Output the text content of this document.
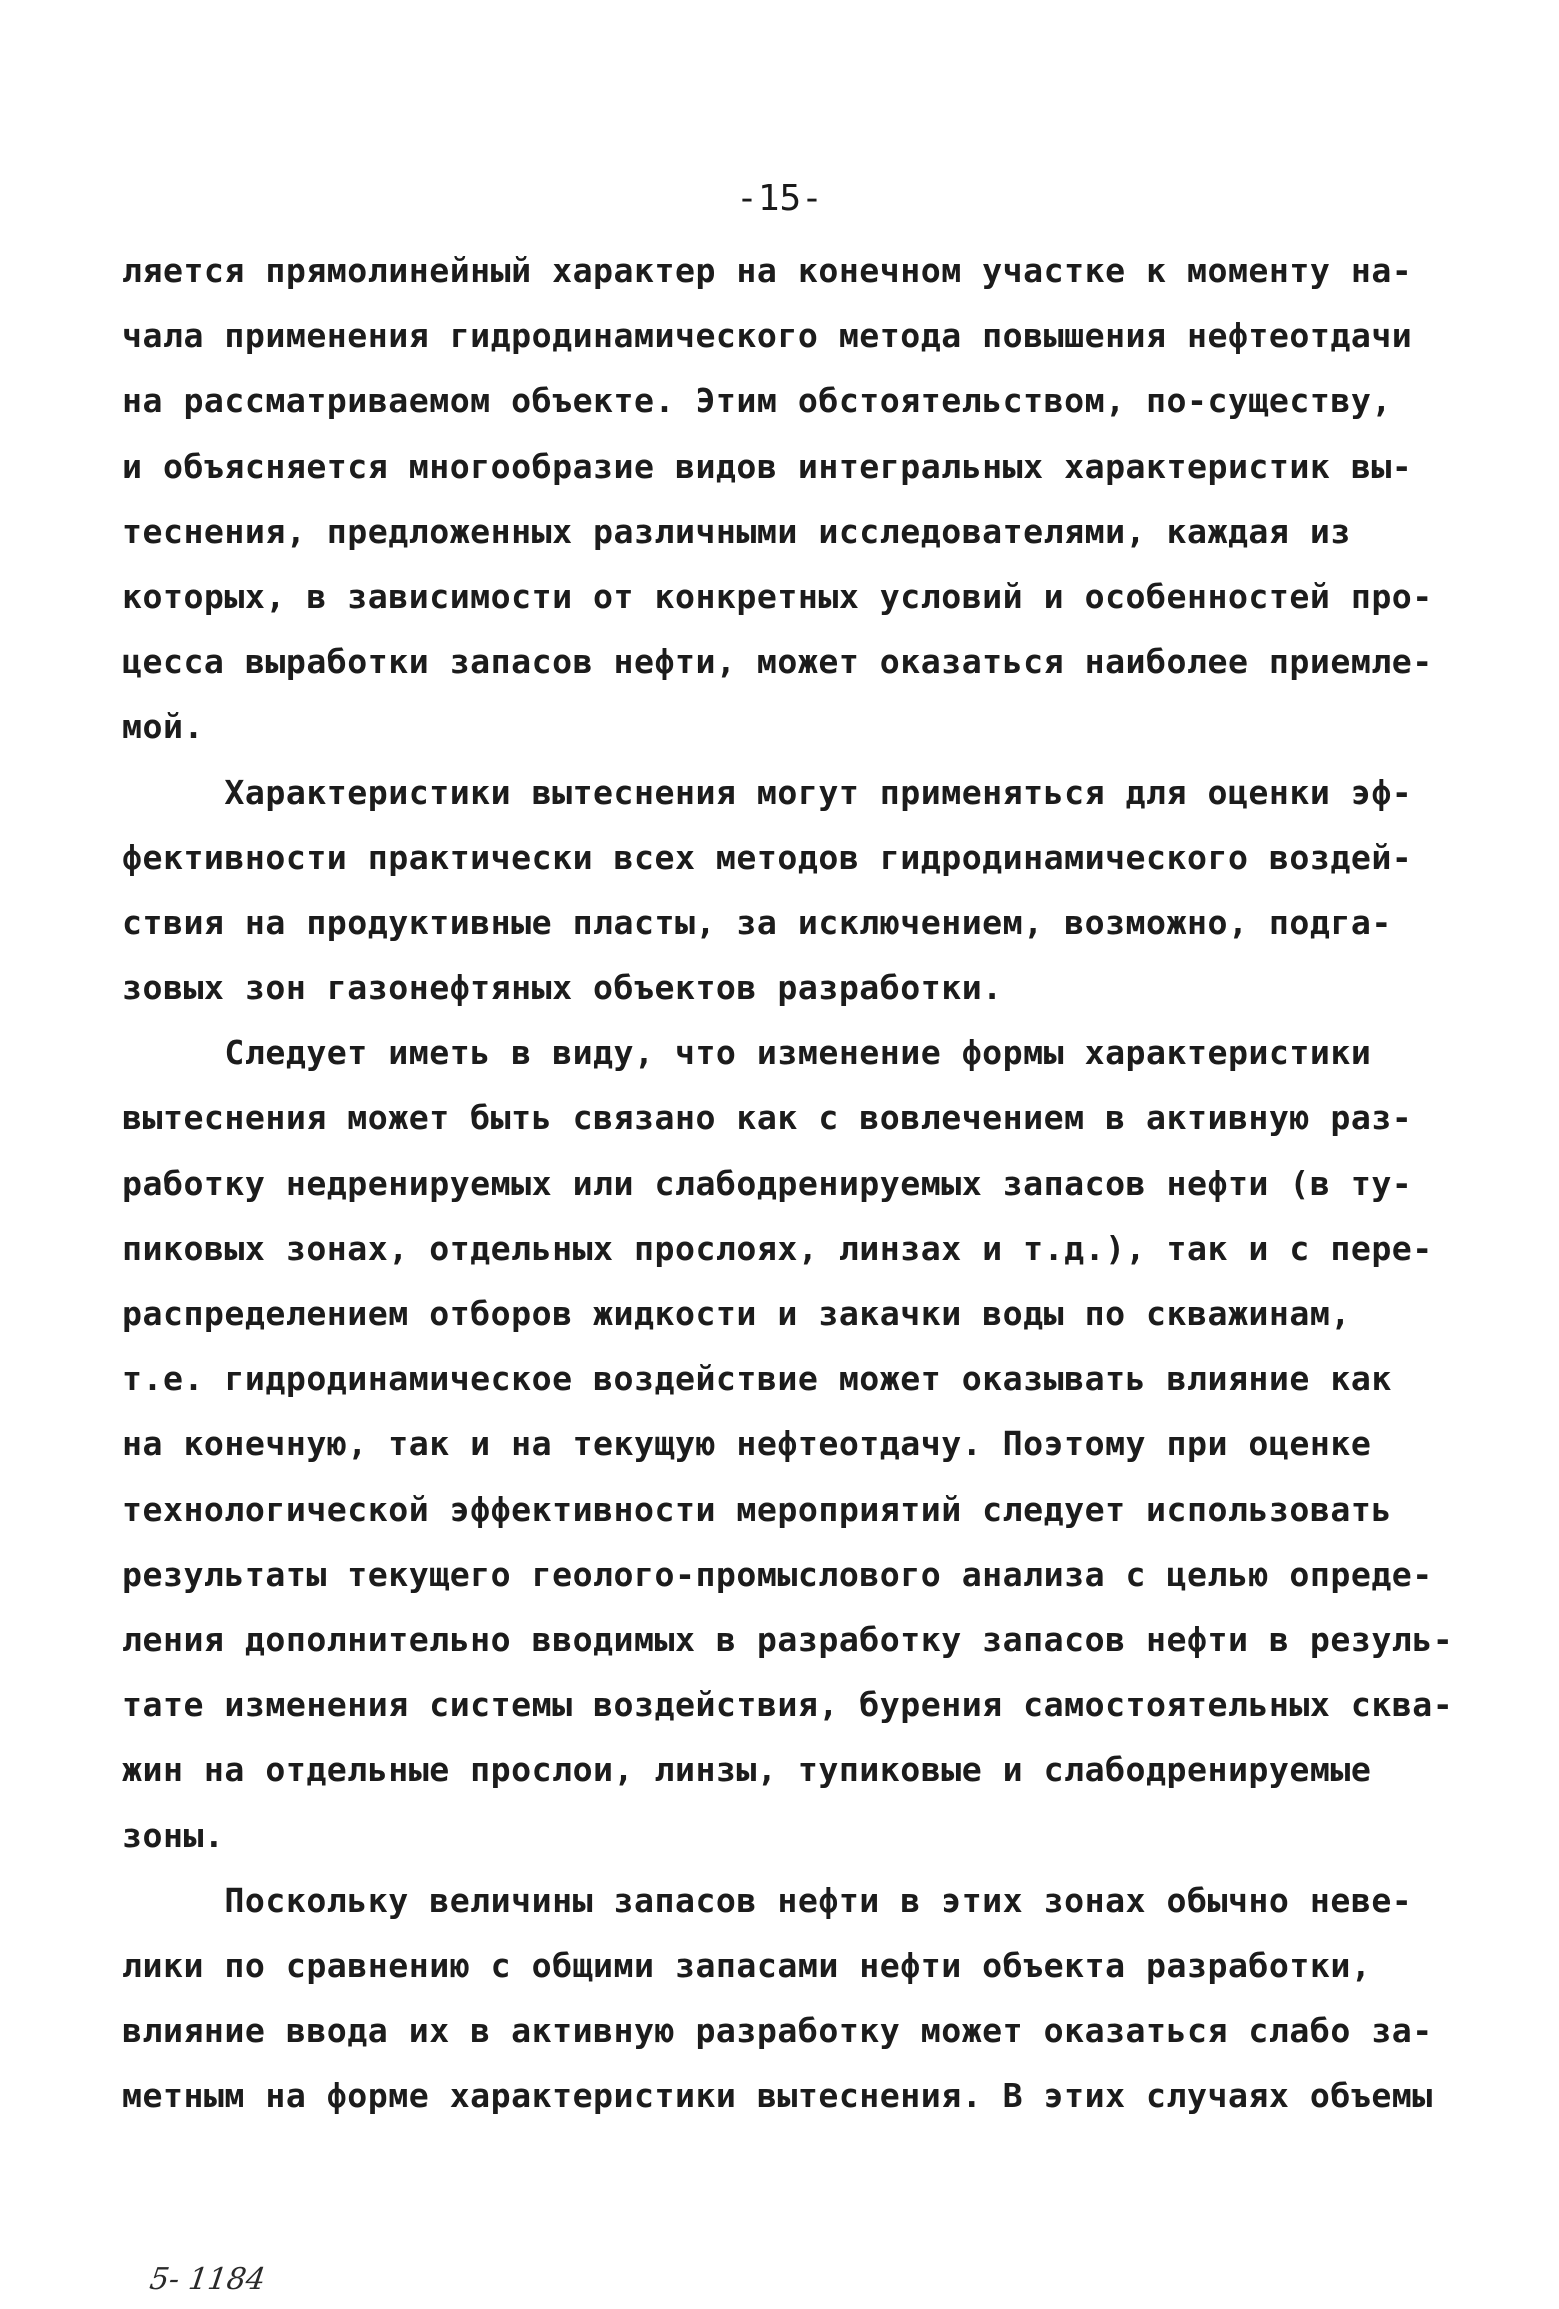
-15-
ляется прямолинейный характер на конечном участке к моменту на-
чала применения гидродинамического метода повышения нефтеотдачи
на рассматриваемом объекте. Этим обстоятельством, по-существу,
и объясняется многообразие видов интегральных характеристик вы-
теснения, предложенных различными исследователями, каждая из
которых, в зависимости от конкретных условий и особенностей про-
цесса выработки запасов нефти, может оказаться наиболее приемле-
мой.
Характеристики вытеснения могут применяться для оценки эф-
фективности практически всех методов гидродинамического воздей-
ствия на продуктивные пласты, за исключением, возможно, подга-
зовых зон газонефтяных объектов разработки.
Следует иметь в виду, что изменение формы характеристики
вытеснения может быть связано как с вовлечением в активную раз-
работку недренируемых или слабодренируемых запасов нефти (в ту-
пиковых зонах, отдельных прослоях, линзах и т.д.), так и с пере-
распределением отборов жидкости и закачки воды по скважинам,
т.е. гидродинамическое воздействие может оказывать влияние как
на конечную, так и на текущую нефтеотдачу. Поэтому при оценке
технологической эффективности мероприятий следует использовать
результаты текущего геолого-промыслового анализа с целью опреде-
ления дополнительно вводимых в разработку запасов нефти в резуль-
тате изменения системы воздействия, бурения самостоятельных сква-
жин на отдельные прослои, линзы, тупиковые и слабодренируемые
зоны.
Поскольку величины запасов нефти в этих зонах обычно неве-
лики по сравнению с общими запасами нефти объекта разработки,
влияние ввода их в активную разработку может оказаться слабо за-
метным на форме характеристики вытеснения. В этих случаях объемы
5- 1184
